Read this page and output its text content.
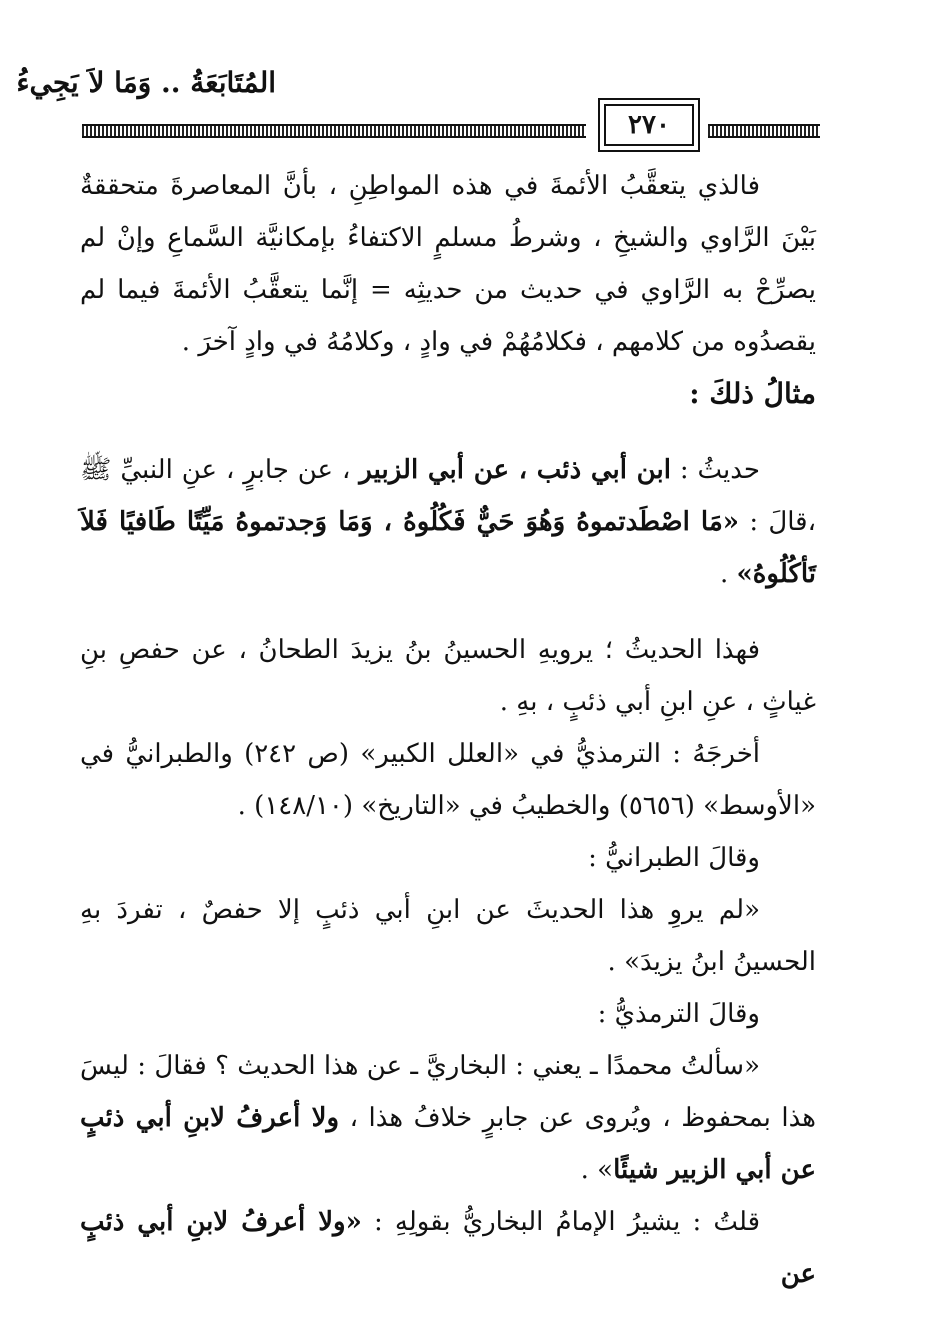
المُتَابَعَةُ .. وَمَا لاَ يَجِيءُ
٢٧٠

فالذي يتعقَّبُ الأئمةَ في هذه المواطِنِ ، بأنَّ المعاصرةَ متحققةٌ بَيْنَ الرَّاوي والشيخِ ، وشرطُ مسلمٍ الاكتفاءُ بإمكانيَّة السَّماعِ وإنْ لم يصرِّحْ به الرَّاوي في حديث من حديثِه = إنَّما يتعقَّبُ الأئمةَ فيما لم يقصدُوه من كلامهم ، فكلامُهُمْ في وادٍ ، وكلامُهُ في وادٍ آخرَ .

مثالُ ذلكَ :

حديثُ : ابن أبي ذئب ، عن أبي الزبير ، عن جابرٍ ، عنِ النبيِّ ﷺ ،قالَ : «مَا اصْطَدتموهُ وَهُوَ حَيٌّ فَكُلُوهُ ، وَمَا وَجدتموهُ مَيِّتًا طَافيًا فَلاَ تَأكُلُوهُ» .

فهذا الحديثُ ؛ يرويهِ الحسينُ بنُ يزيدَ الطحانُ ، عن حفصِ بنِ غياثٍ ، عنِ ابنِ أبي ذئبٍ ، بهِ .

أخرجَهُ : الترمذيُّ في «العلل الكبير» (ص ٢٤٢) والطبرانيُّ في «الأوسط» (٥٦٥٦) والخطيبُ في «التاريخ» (١٤٨/١٠) .

وقالَ الطبرانيُّ :

«لم يروِ هذا الحديثَ عن ابنِ أبي ذئبٍ إلا حفصٌ ، تفردَ بهِ الحسينُ ابنُ يزيدَ» .

وقالَ الترمذيُّ :

«سألتُ محمدًا ـ يعني : البخاريَّ ـ عن هذا الحديث ؟ فقالَ : ليسَ هذا بمحفوظ ، ويُروى عن جابرٍ خلافُ هذا ، ولا أعرفُ لابنِ أبي ذئبٍ عن أبي الزبير شيئًا» .

قلتُ : يشيرُ الإمامُ البخاريُّ بقولِهِ : «ولا أعرفُ لابنِ أبي ذئبٍ عن
